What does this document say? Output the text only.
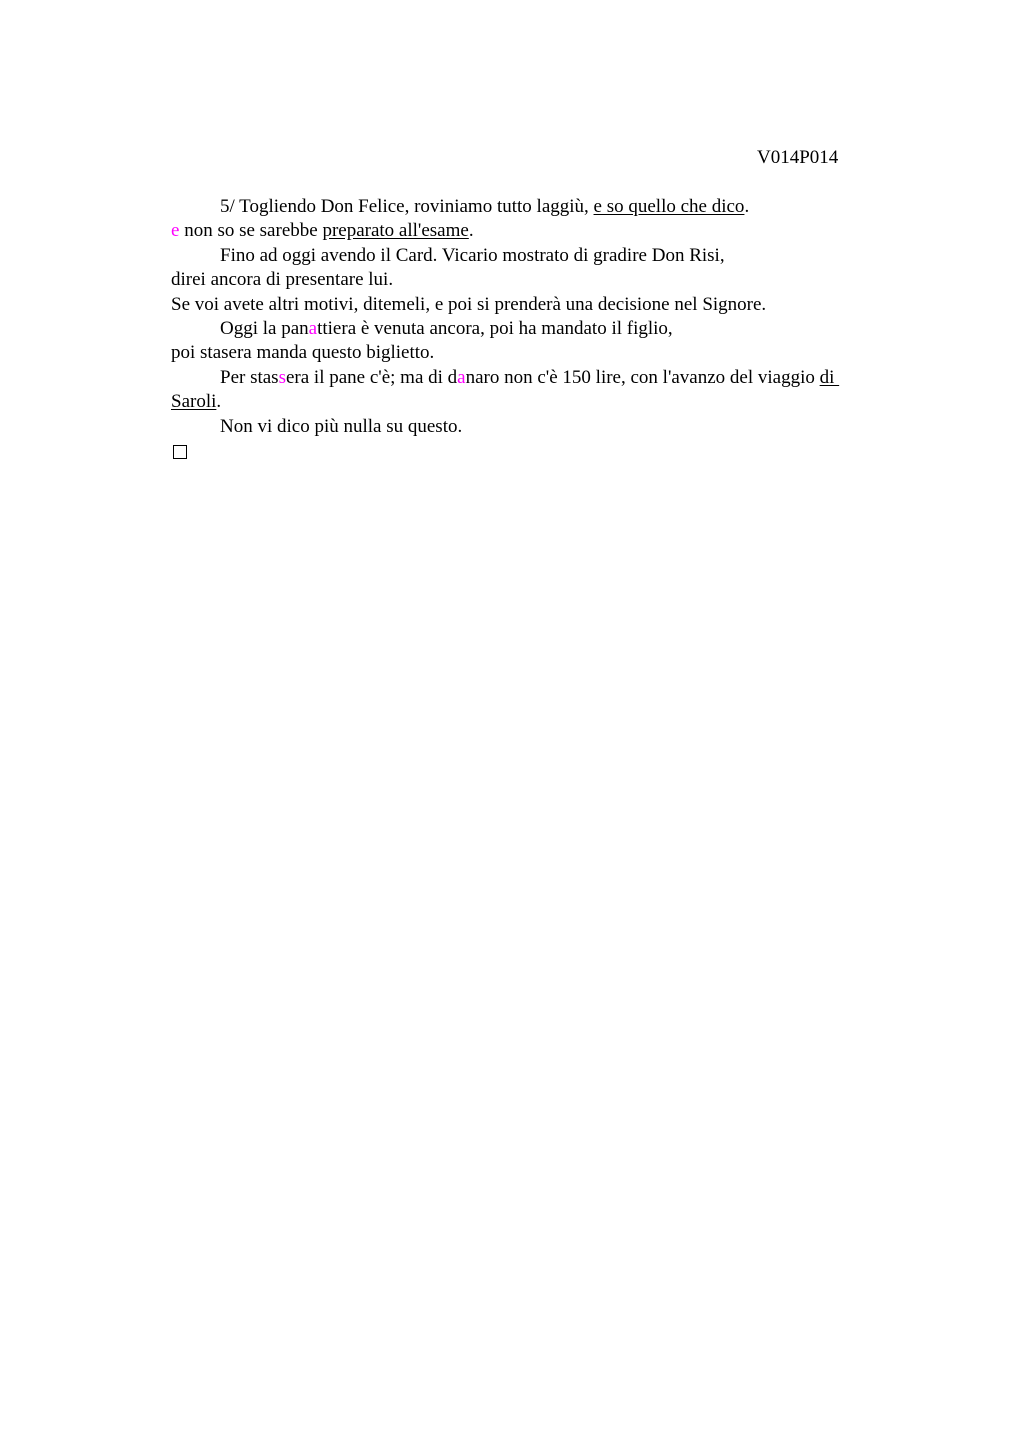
V014P014
5/ Togliendo Don Felice, roviniamo tutto laggiù, e so quello che dico.
e non so se sarebbe preparato all'esame.
Fino ad oggi avendo il Card. Vicario mostrato di gradire Don Risi,
direi ancora di presentare lui.
Se voi avete altri motivi, ditemeli, e poi si prenderà una decisione nel Signore.
Oggi la panattiera è venuta ancora, poi ha mandato il figlio,
poi stasera manda questo biglietto.
Per stassera il pane c'è; ma di danaro non c'è 150 lire, con l'avanzo del viaggio di
Saroli.
Non vi dico più nulla su questo.
